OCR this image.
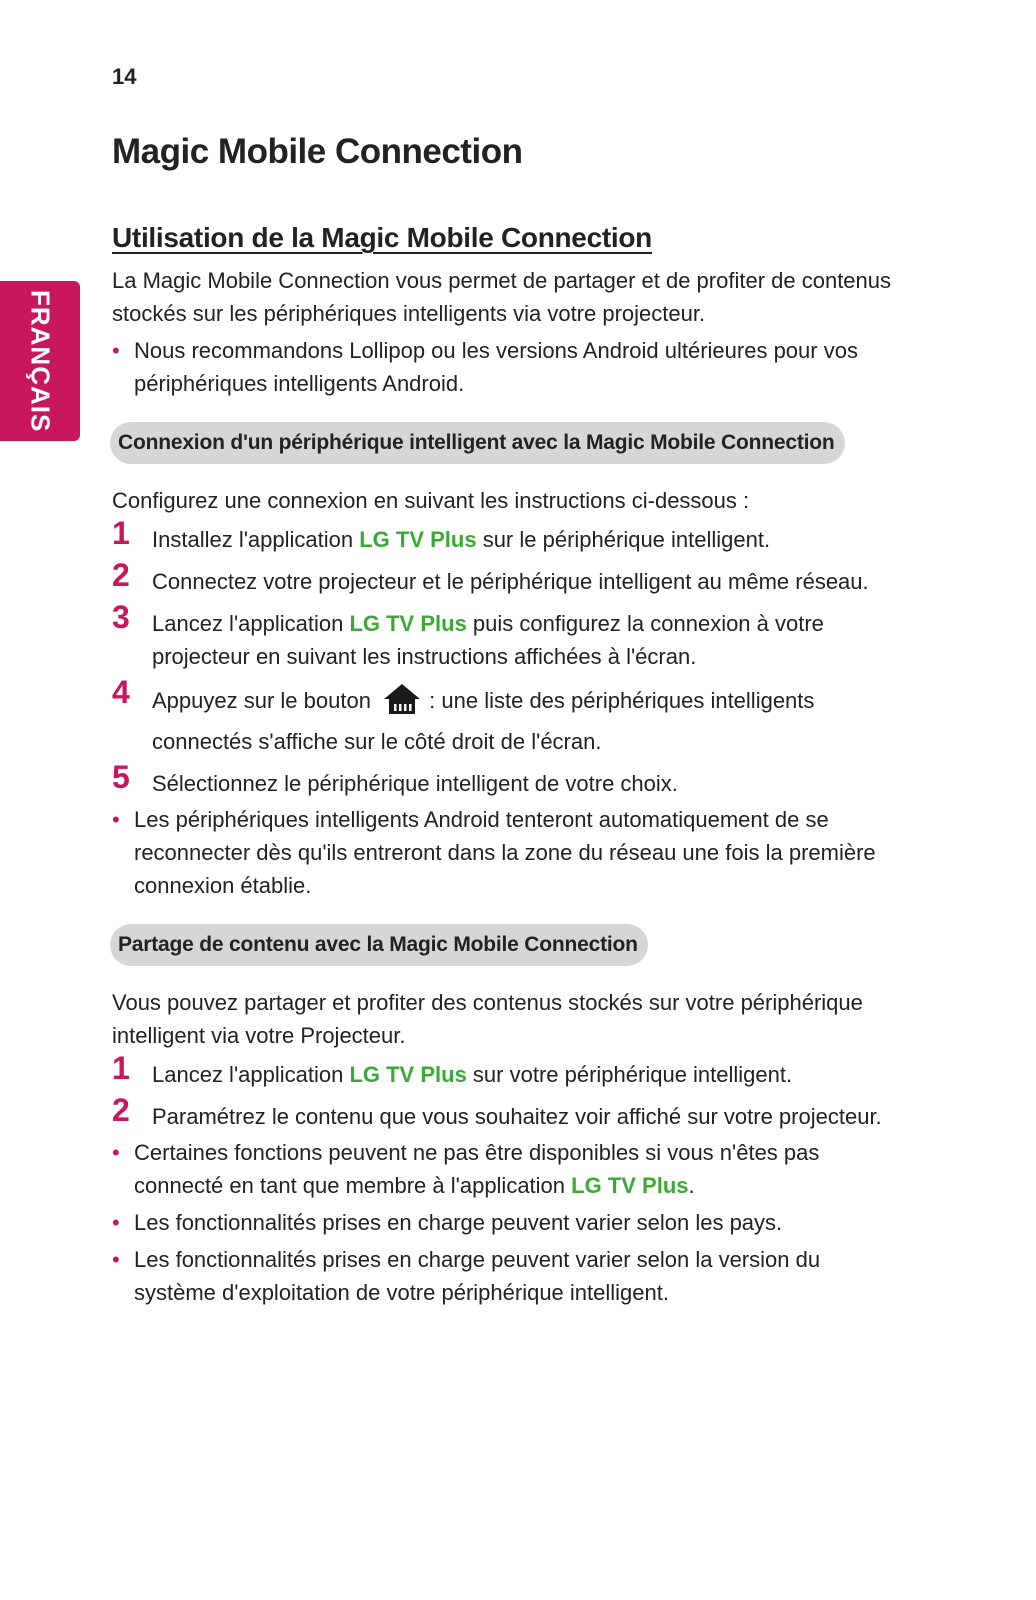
14
Magic Mobile Connection
FRANÇAIS
Utilisation de la Magic Mobile Connection

La Magic Mobile Connection vous permet de partager et de profiter de contenus stockés sur les périphériques intelligents via votre projecteur.

• Nous recommandons Lollipop ou les versions Android ultérieures pour vos périphériques intelligents Android.
Connexion d'un périphérique intelligent avec la Magic Mobile Connection

Configurez une connexion en suivant les instructions ci-dessous :

1 Installez l'application LG TV Plus sur le périphérique intelligent.
2 Connectez votre projecteur et le périphérique intelligent au même réseau.
3 Lancez l'application LG TV Plus puis configurez la connexion à votre projecteur en suivant les instructions affichées à l'écran.
4 Appuyez sur le bouton  : une liste des périphériques intelligents connectés s'affiche sur le côté droit de l'écran.
5 Sélectionnez le périphérique intelligent de votre choix.
• Les périphériques intelligents Android tenteront automatiquement de se reconnecter dès qu'ils entreront dans la zone du réseau une fois la première connexion établie.
Partage de contenu avec la Magic Mobile Connection

Vous pouvez partager et profiter des contenus stockés sur votre périphérique intelligent via votre Projecteur.

1 Lancez l'application LG TV Plus sur votre périphérique intelligent.
2 Paramétrez le contenu que vous souhaitez voir affiché sur votre projecteur.
• Certaines fonctions peuvent ne pas être disponibles si vous n'êtes pas connecté en tant que membre à l'application LG TV Plus.
• Les fonctionnalités prises en charge peuvent varier selon les pays.
• Les fonctionnalités prises en charge peuvent varier selon la version du système d'exploitation de votre périphérique intelligent.
